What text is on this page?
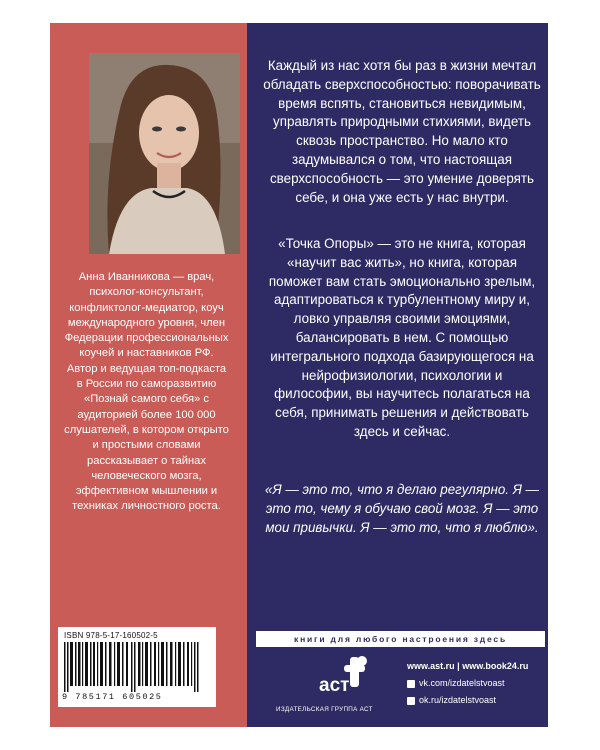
Анна Иванникова — врач, психолог-консультант, конфликтолог-медиатор, коуч международного уровня, член Федерации профессиональных коучей и наставников РФ. Автор и ведущая топ-подкаста в России по саморазвитию «Познай самого себя» с аудиторией более 100 000 слушателей, в котором открыто и простыми словами рассказывает о тайнах человеческого мозга, эффективном мышлении и техниках личностного роста.

ISBN 978-5-17-160502-5
9 785171 605025

Каждый из нас хотя бы раз в жизни мечтал обладать сверхспособностью: поворачивать время вспять, становиться невидимым, управлять природными стихиями, видеть сквозь пространство. Но мало кто задумывался о том, что настоящая сверхспособность — это умение доверять себе, и она уже есть у нас внутри.

«Точка Опоры» — это не книга, которая «научит вас жить», но книга, которая поможет вам стать эмоционально зрелым, адаптироваться к турбулентному миру и, ловко управляя своими эмоциями, балансировать в нем. С помощью интегрального подхода базирующегося на нейрофизиологии, психологии и философии, вы научитесь полагаться на себя, принимать решения и действовать здесь и сейчас.

«Я — это то, что я делаю регулярно. Я — это то, чему я обучаю свой мозг. Я — это мои привычки. Я — это то, что я люблю».

книги для любого настроения здесь
аст
ИЗДАТЕЛЬСКАЯ ГРУППА АСТ
www.ast.ru | www.book24.ru
vk.com/izdatelstvoast
ok.ru/izdatelstvoast
